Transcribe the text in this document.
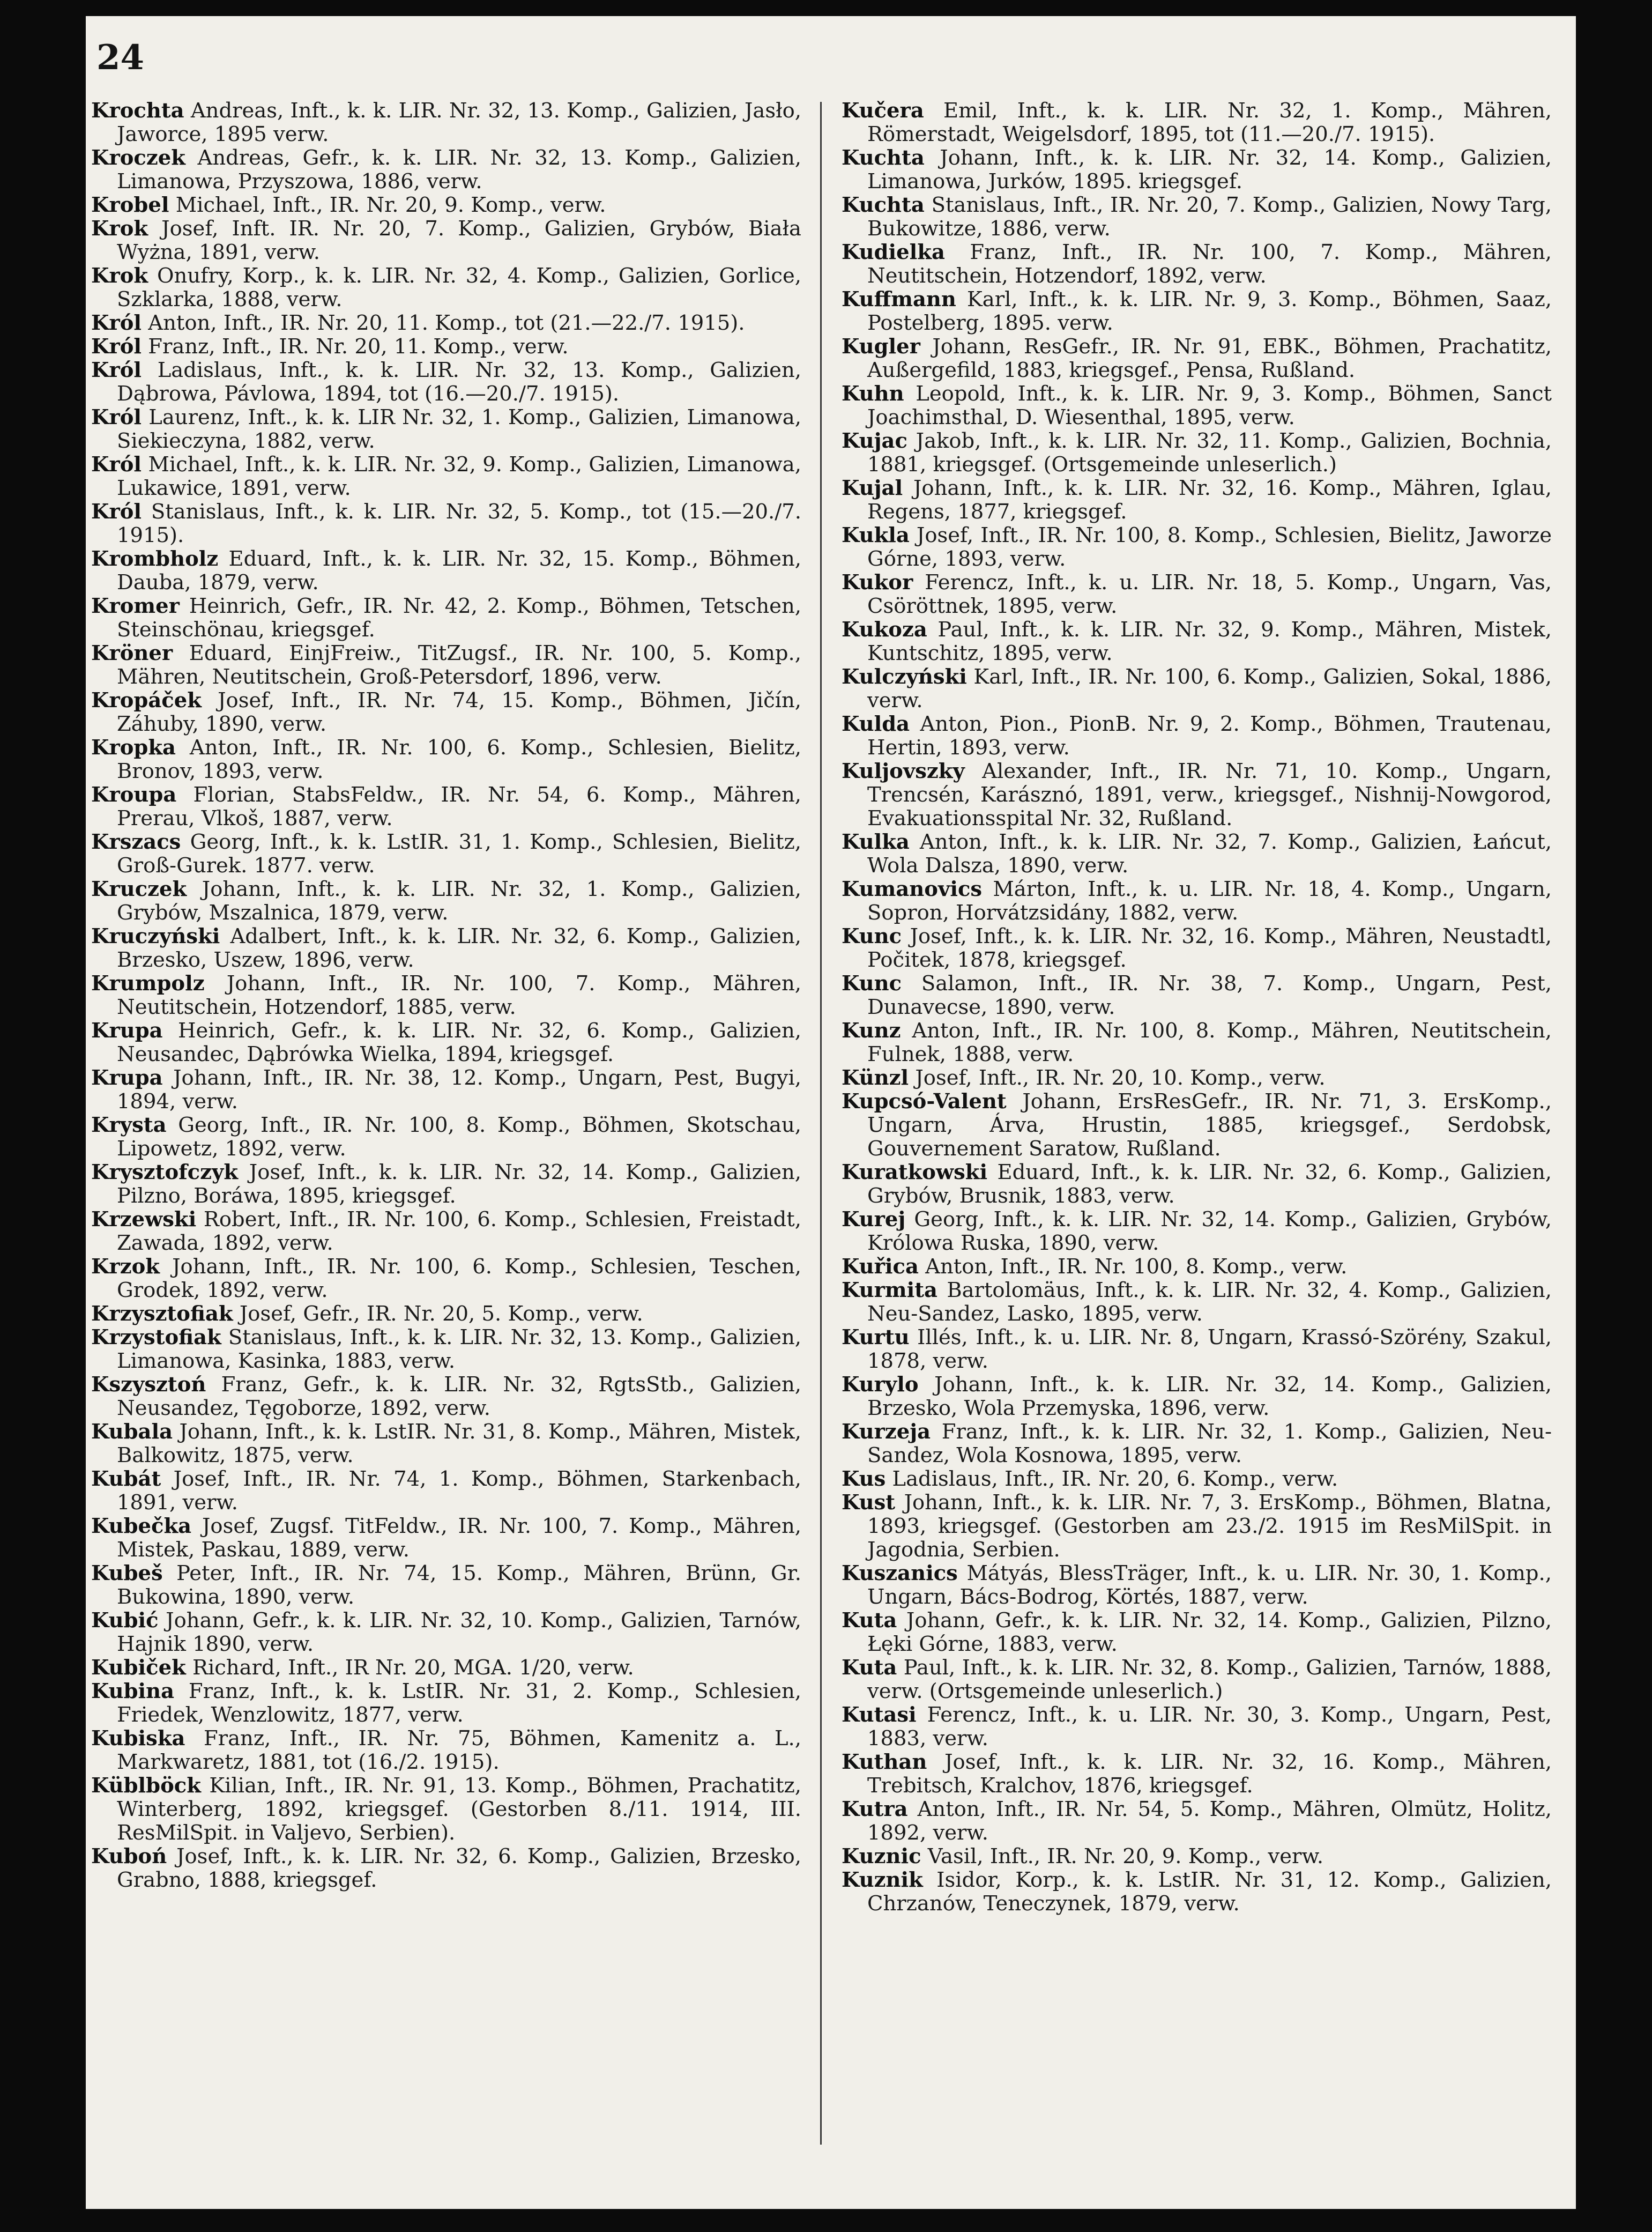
24

Krochta Andreas, Inft., k. k. LIR. Nr. 32, 13. Komp., Galizien, Jasło, Jaworce, 1895 verw.

Kroczek Andreas, Gefr., k. k. LIR. Nr. 32, 13. Komp., Galizien, Limanowa, Przyszowa, 1886, verw.

Krobel Michael, Inft., IR. Nr. 20, 9. Komp., verw.

Krok Josef, Inft. IR. Nr. 20, 7. Komp., Galizien, Grybów, Biała Wyżna, 1891, verw.

Krok Onufry, Korp., k. k. LIR. Nr. 32, 4. Komp., Galizien, Gorlice, Szklarka, 1888, verw.

Król Anton, Inft., IR. Nr. 20, 11. Komp., tot (21.—22./7. 1915).

Król Franz, Inft., IR. Nr. 20, 11. Komp., verw.

Król Ladislaus, Inft., k. k. LIR. Nr. 32, 13. Komp., Galizien, Dąbrowa, Pávlowa, 1894, tot (16.—20./7. 1915).

Król Laurenz, Inft., k. k. LIR Nr. 32, 1. Komp., Galizien, Limanowa, Siekieczyna, 1882, verw.

Król Michael, Inft., k. k. LIR. Nr. 32, 9. Komp., Galizien, Limanowa, Lukawice, 1891, verw.

Król Stanislaus, Inft., k. k. LIR. Nr. 32, 5. Komp., tot (15.—20./7. 1915).

Krombholz Eduard, Inft., k. k. LIR. Nr. 32, 15. Komp., Böhmen, Dauba, 1879, verw.

Kromer Heinrich, Gefr., IR. Nr. 42, 2. Komp., Böhmen, Tetschen, Steinschönau, kriegsgef.

Kröner Eduard, EinjFreiw., TitZugsf., IR. Nr. 100, 5. Komp., Mähren, Neutitschein, Groß-Petersdorf, 1896, verw.

Kropáček Josef, Inft., IR. Nr. 74, 15. Komp., Böhmen, Jičín, Záhuby, 1890, verw.

Kropka Anton, Inft., IR. Nr. 100, 6. Komp., Schlesien, Bielitz, Bronov, 1893, verw.

Kroupa Florian, StabsFeldw., IR. Nr. 54, 6. Komp., Mähren, Prerau, Vlkoš, 1887, verw.

Krszacs Georg, Inft., k. k. LstIR. 31, 1. Komp., Schlesien, Bielitz, Groß-Gurek. 1877. verw.

Kruczek Johann, Inft., k. k. LIR. Nr. 32, 1. Komp., Galizien, Grybów, Mszalnica, 1879, verw.

Kruczyński Adalbert, Inft., k. k. LIR. Nr. 32, 6. Komp., Galizien, Brzesko, Uszew, 1896, verw.

Krumpolz Johann, Inft., IR. Nr. 100, 7. Komp., Mähren, Neutitschein, Hotzendorf, 1885, verw.

Krupa Heinrich, Gefr., k. k. LIR. Nr. 32, 6. Komp., Galizien, Neusandec, Dąbrówka Wielka, 1894, kriegsgef.

Krupa Johann, Inft., IR. Nr. 38, 12. Komp., Ungarn, Pest, Bugyi, 1894, verw.

Krysta Georg, Inft., IR. Nr. 100, 8. Komp., Böhmen, Skotschau, Lipowetz, 1892, verw.

Krysztofczyk Josef, Inft., k. k. LIR. Nr. 32, 14. Komp., Galizien, Pilzno, Boráwa, 1895, kriegsgef.

Krzewski Robert, Inft., IR. Nr. 100, 6. Komp., Schlesien, Freistadt, Zawada, 1892, verw.

Krzok Johann, Inft., IR. Nr. 100, 6. Komp., Schlesien, Teschen, Grodek, 1892, verw.

Krzysztofiak Josef, Gefr., IR. Nr. 20, 5. Komp., verw.

Krzystofiak Stanislaus, Inft., k. k. LIR. Nr. 32, 13. Komp., Galizien, Limanowa, Kasinka, 1883, verw.

Kszysztoń Franz, Gefr., k. k. LIR. Nr. 32, RgtsStb., Galizien, Neusandez, Tęgoborze, 1892, verw.

Kubala Johann, Inft., k. k. LstIR. Nr. 31, 8. Komp., Mähren, Mistek, Balkowitz, 1875, verw.

Kubát Josef, Inft., IR. Nr. 74, 1. Komp., Böhmen, Starkenbach, 1891, verw.

Kubečka Josef, Zugsf. TitFeldw., IR. Nr. 100, 7. Komp., Mähren, Mistek, Paskau, 1889, verw.

Kubeš Peter, Inft., IR. Nr. 74, 15. Komp., Mähren, Brünn, Gr. Bukowina, 1890, verw.

Kubić Johann, Gefr., k. k. LIR. Nr. 32, 10. Komp., Galizien, Tarnów, Hajnik 1890, verw.

Kubiček Richard, Inft., IR Nr. 20, MGA. 1/20, verw.

Kubina Franz, Inft., k. k. LstIR. Nr. 31, 2. Komp., Schlesien, Friedek, Wenzlowitz, 1877, verw.

Kubiska Franz, Inft., IR. Nr. 75, Böhmen, Kamenitz a. L., Markwaretz, 1881, tot (16./2. 1915).

Küblböck Kilian, Inft., IR. Nr. 91, 13. Komp., Böhmen, Prachatitz, Winterberg, 1892, kriegsgef. (Gestorben 8./11. 1914, III. ResMilSpit. in Valjevo, Serbien).

Kuboń Josef, Inft., k. k. LIR. Nr. 32, 6. Komp., Galizien, Brzesko, Grabno, 1888, kriegsgef.

Kučera Emil, Inft., k. k. LIR. Nr. 32, 1. Komp., Mähren, Römerstadt, Weigelsdorf, 1895, tot (11.—20./7. 1915).

Kuchta Johann, Inft., k. k. LIR. Nr. 32, 14. Komp., Galizien, Limanowa, Jurków, 1895. kriegsgef.

Kuchta Stanislaus, Inft., IR. Nr. 20, 7. Komp., Galizien, Nowy Targ, Bukowitze, 1886, verw.

Kudielka Franz, Inft., IR. Nr. 100, 7. Komp., Mähren, Neutitschein, Hotzendorf, 1892, verw.

Kuffmann Karl, Inft., k. k. LIR. Nr. 9, 3. Komp., Böhmen, Saaz, Postelberg, 1895. verw.

Kugler Johann, ResGefr., IR. Nr. 91, EBK., Böhmen, Prachatitz, Außergefild, 1883, kriegsgef., Pensa, Rußland.

Kuhn Leopold, Inft., k. k. LIR. Nr. 9, 3. Komp., Böhmen, Sanct Joachimsthal, D. Wiesenthal, 1895, verw.

Kujac Jakob, Inft., k. k. LIR. Nr. 32, 11. Komp., Galizien, Bochnia, 1881, kriegsgef. (Ortsgemeinde unleserlich.)

Kujal Johann, Inft., k. k. LIR. Nr. 32, 16. Komp., Mähren, Iglau, Regens, 1877, kriegsgef.

Kukla Josef, Inft., IR. Nr. 100, 8. Komp., Schlesien, Bielitz, Jaworze Górne, 1893, verw.

Kukor Ferencz, Inft., k. u. LIR. Nr. 18, 5. Komp., Ungarn, Vas, Csöröttnek, 1895, verw.

Kukoza Paul, Inft., k. k. LIR. Nr. 32, 9. Komp., Mähren, Mistek, Kuntschitz, 1895, verw.

Kulczyński Karl, Inft., IR. Nr. 100, 6. Komp., Galizien, Sokal, 1886, verw.

Kulda Anton, Pion., PionB. Nr. 9, 2. Komp., Böhmen, Trautenau, Hertin, 1893, verw.

Kuljovszky Alexander, Inft., IR. Nr. 71, 10. Komp., Ungarn, Trencsén, Karásznó, 1891, verw., kriegsgef., Nishnij-Nowgorod, Evakuationsspital Nr. 32, Rußland.

Kulka Anton, Inft., k. k. LIR. Nr. 32, 7. Komp., Galizien, Łańcut, Wola Dalsza, 1890, verw.

Kumanovics Márton, Inft., k. u. LIR. Nr. 18, 4. Komp., Ungarn, Sopron, Horvátzsidány, 1882, verw.

Kunc Josef, Inft., k. k. LIR. Nr. 32, 16. Komp., Mähren, Neustadtl, Počitek, 1878, kriegsgef.

Kunc Salamon, Inft., IR. Nr. 38, 7. Komp., Ungarn, Pest, Dunavecse, 1890, verw.

Kunz Anton, Inft., IR. Nr. 100, 8. Komp., Mähren, Neutitschein, Fulnek, 1888, verw.

Künzl Josef, Inft., IR. Nr. 20, 10. Komp., verw.

Kupcsó-Valent Johann, ErsResGefr., IR. Nr. 71, 3. ErsKomp., Ungarn, Árva, Hrustin, 1885, kriegsgef., Serdobsk, Gouvernement Saratow, Rußland.

Kuratkowski Eduard, Inft., k. k. LIR. Nr. 32, 6. Komp., Galizien, Grybów, Brusnik, 1883, verw.

Kurej Georg, Inft., k. k. LIR. Nr. 32, 14. Komp., Galizien, Grybów, Królowa Ruska, 1890, verw.

Kuřica Anton, Inft., IR. Nr. 100, 8. Komp., verw.

Kurmita Bartolomäus, Inft., k. k. LIR. Nr. 32, 4. Komp., Galizien, Neu-Sandez, Lasko, 1895, verw.

Kurtu Illés, Inft., k. u. LIR. Nr. 8, Ungarn, Krassó-Szörény, Szakul, 1878, verw.

Kurylo Johann, Inft., k. k. LIR. Nr. 32, 14. Komp., Galizien, Brzesko, Wola Przemyska, 1896, verw.

Kurzeja Franz, Inft., k. k. LIR. Nr. 32, 1. Komp., Galizien, Neu-Sandez, Wola Kosnowa, 1895, verw.

Kus Ladislaus, Inft., IR. Nr. 20, 6. Komp., verw.

Kust Johann, Inft., k. k. LIR. Nr. 7, 3. ErsKomp., Böhmen, Blatna, 1893, kriegsgef. (Gestorben am 23./2. 1915 im ResMilSpit. in Jagodnia, Serbien.

Kuszanics Mátyás, BlessTräger, Inft., k. u. LIR. Nr. 30, 1. Komp., Ungarn, Bács-Bodrog, Körtés, 1887, verw.

Kuta Johann, Gefr., k. k. LIR. Nr. 32, 14. Komp., Galizien, Pilzno, Łęki Górne, 1883, verw.

Kuta Paul, Inft., k. k. LIR. Nr. 32, 8. Komp., Galizien, Tarnów, 1888, verw. (Ortsgemeinde unleserlich.)

Kutasi Ferencz, Inft., k. u. LIR. Nr. 30, 3. Komp., Ungarn, Pest, 1883, verw.

Kuthan Josef, Inft., k. k. LIR. Nr. 32, 16. Komp., Mähren, Trebitsch, Kralchov, 1876, kriegsgef.

Kutra Anton, Inft., IR. Nr. 54, 5. Komp., Mähren, Olmütz, Holitz, 1892, verw.

Kuznic Vasil, Inft., IR. Nr. 20, 9. Komp., verw.

Kuznik Isidor, Korp., k. k. LstIR. Nr. 31, 12. Komp., Galizien, Chrzanów, Teneczynek, 1879, verw.
